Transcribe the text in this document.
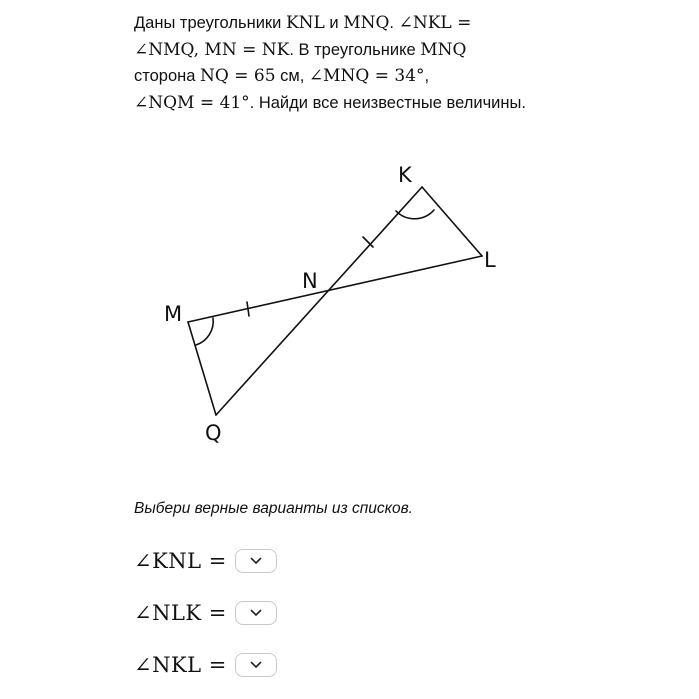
Даны треугольники KNL и MNQ. ∠NKL =
∠NMQ, MN = NK. В треугольнике MNQ
сторона NQ = 65 см, ∠MNQ = 34°,
∠NQM = 41°. Найди все неизвестные величины.
K
L
N
M
Q
Выбери верные варианты из списков.
∠KNL =
∠NLK =
∠NKL =
